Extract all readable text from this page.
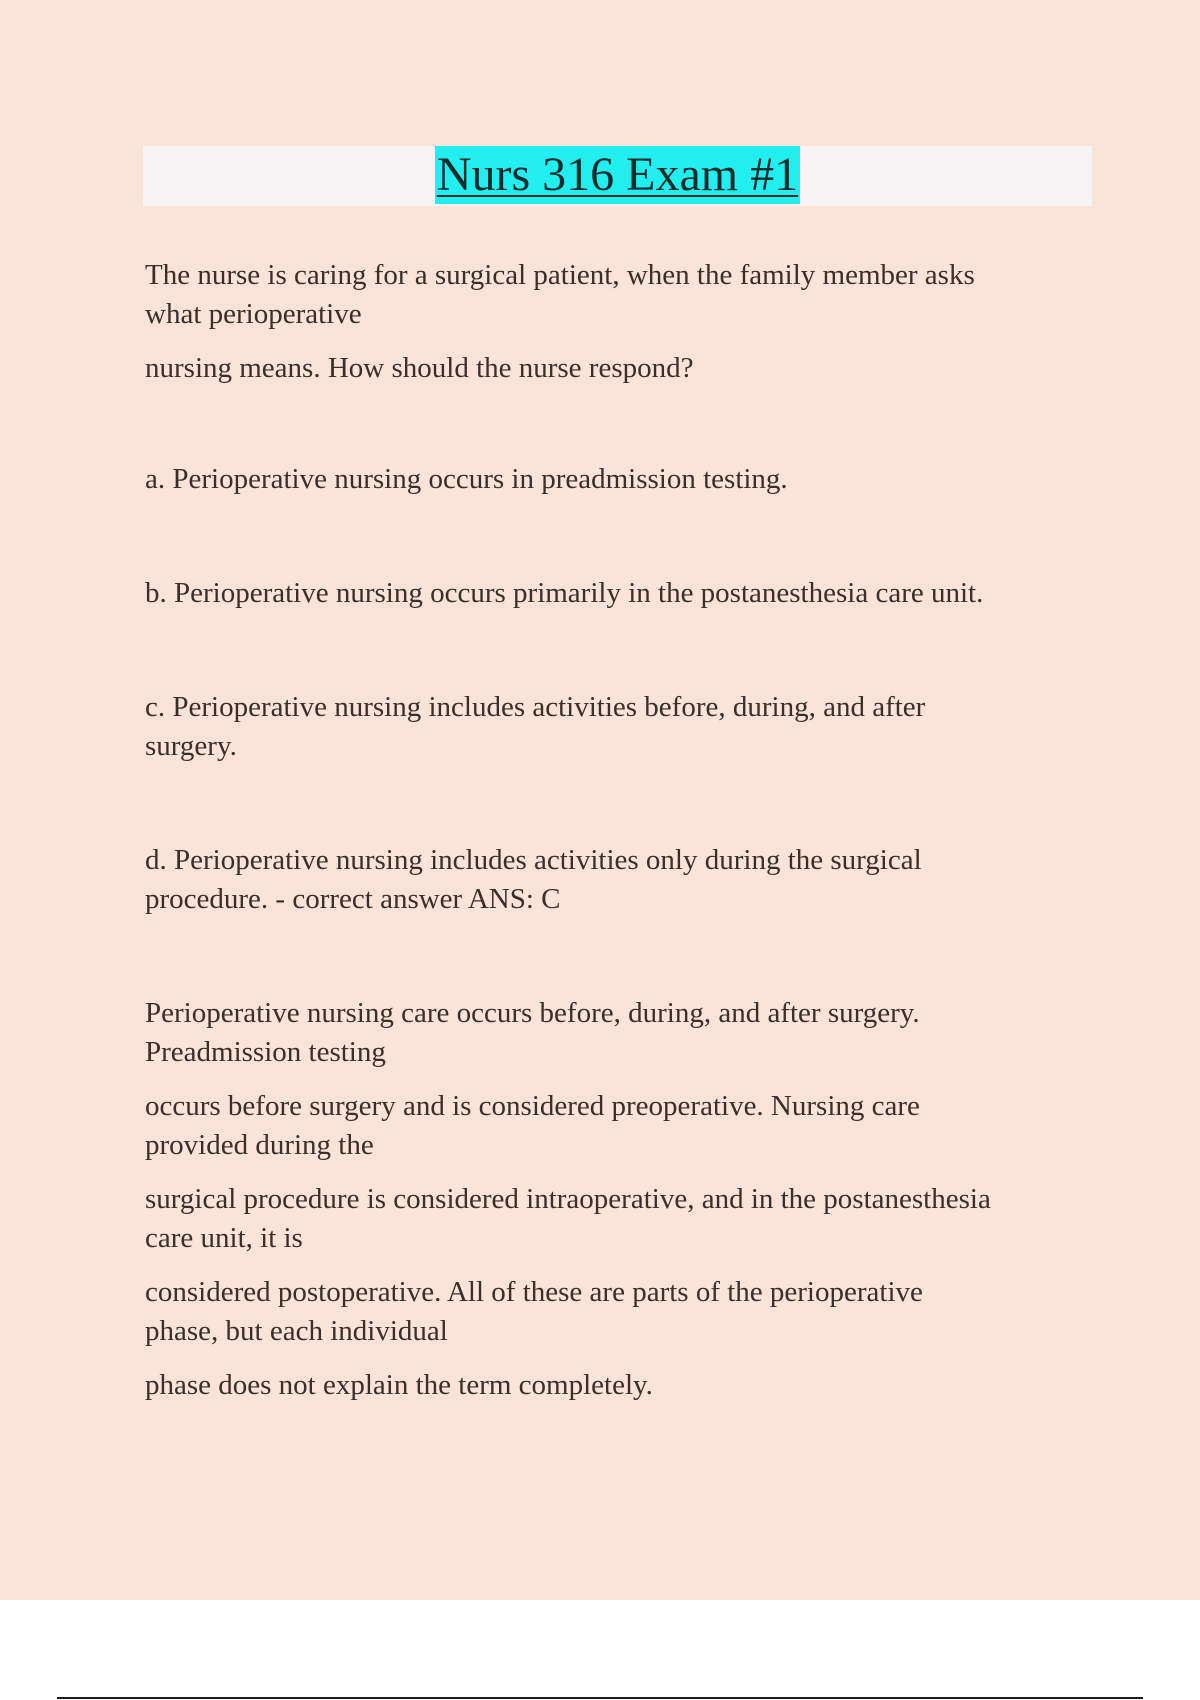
Nurs 316 Exam #1

The nurse is caring for a surgical patient, when the family member asks
what perioperative

nursing means. How should the nurse respond?

a. Perioperative nursing occurs in preadmission testing.

b. Perioperative nursing occurs primarily in the postanesthesia care unit.

c. Perioperative nursing includes activities before, during, and after
surgery.

d. Perioperative nursing includes activities only during the surgical
procedure. - correct answer ANS: C

Perioperative nursing care occurs before, during, and after surgery.
Preadmission testing

occurs before surgery and is considered preoperative. Nursing care
provided during the

surgical procedure is considered intraoperative, and in the postanesthesia
care unit, it is

considered postoperative. All of these are parts of the perioperative
phase, but each individual

phase does not explain the term completely.
